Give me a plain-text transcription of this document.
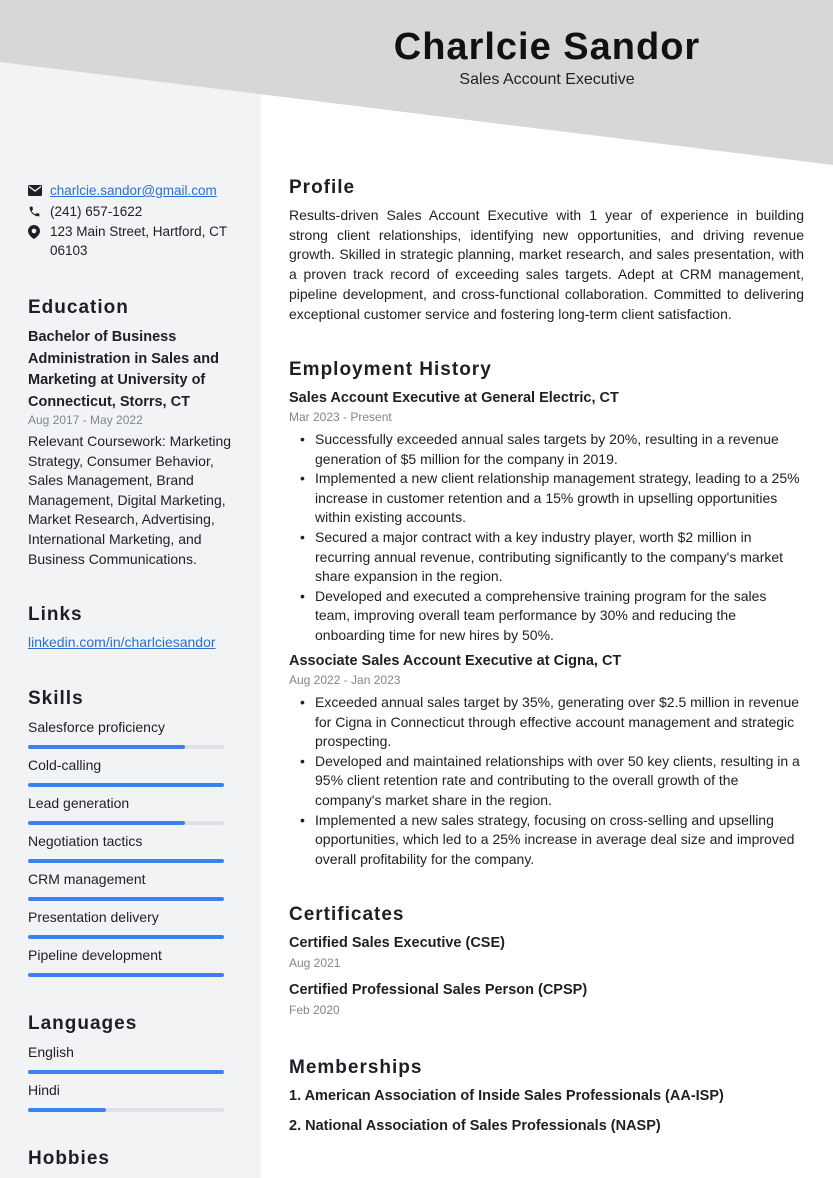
Charlcie Sandor
Sales Account Executive
charlcie.sandor@gmail.com
(241) 657-1622
123 Main Street, Hartford, CT 06103
Education
Bachelor of Business Administration in Sales and Marketing at University of Connecticut, Storrs, CT
Aug 2017 - May 2022
Relevant Coursework: Marketing Strategy, Consumer Behavior, Sales Management, Brand Management, Digital Marketing, Market Research, Advertising, International Marketing, and Business Communications.
Links
linkedin.com/in/charlciesandor
Skills
Salesforce proficiency
Cold-calling
Lead generation
Negotiation tactics
CRM management
Presentation delivery
Pipeline development
Languages
English
Hindi
Hobbies
Profile
Results-driven Sales Account Executive with 1 year of experience in building strong client relationships, identifying new opportunities, and driving revenue growth. Skilled in strategic planning, market research, and sales presentation, with a proven track record of exceeding sales targets. Adept at CRM management, pipeline development, and cross-functional collaboration. Committed to delivering exceptional customer service and fostering long-term client satisfaction.
Employment History
Sales Account Executive at General Electric, CT
Mar 2023 - Present
• Successfully exceeded annual sales targets by 20%, resulting in a revenue generation of $5 million for the company in 2019.
• Implemented a new client relationship management strategy, leading to a 25% increase in customer retention and a 15% growth in upselling opportunities within existing accounts.
• Secured a major contract with a key industry player, worth $2 million in recurring annual revenue, contributing significantly to the company's market share expansion in the region.
• Developed and executed a comprehensive training program for the sales team, improving overall team performance by 30% and reducing the onboarding time for new hires by 50%.
Associate Sales Account Executive at Cigna, CT
Aug 2022 - Jan 2023
• Exceeded annual sales target by 35%, generating over $2.5 million in revenue for Cigna in Connecticut through effective account management and strategic prospecting.
• Developed and maintained relationships with over 50 key clients, resulting in a 95% client retention rate and contributing to the overall growth of the company's market share in the region.
• Implemented a new sales strategy, focusing on cross-selling and upselling opportunities, which led to a 25% increase in average deal size and improved overall profitability for the company.
Certificates
Certified Sales Executive (CSE)
Aug 2021
Certified Professional Sales Person (CPSP)
Feb 2020
Memberships
1. American Association of Inside Sales Professionals (AA-ISP)
2. National Association of Sales Professionals (NASP)
